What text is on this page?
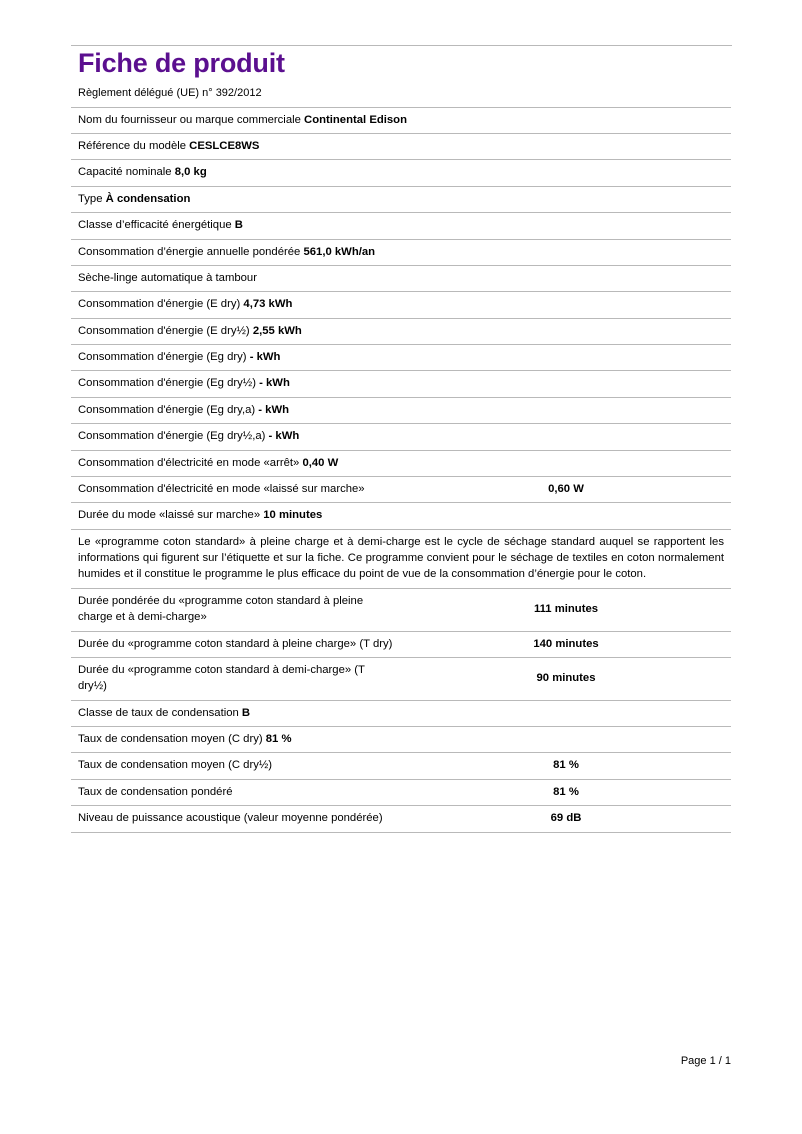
Fiche de produit
Règlement délégué (UE) n° 392/2012
Nom du fournisseur ou marque commerciale Continental Edison	
Référence du modèle CESLCE8WS	
Capacité nominale 8,0 kg	
Type À condensation	
Classe d’efficacité énergétique B	
Consommation d’énergie annuelle pondérée 561,0 kWh/an	
Sèche-linge automatique à tambour	
Consommation d'énergie (E dry) 4,73 kWh	
Consommation d'énergie (E dry½) 2,55 kWh	
Consommation d'énergie (Eg dry) - kWh	
Consommation d'énergie (Eg dry½) - kWh	
Consommation d'énergie (Eg dry,a) - kWh	
Consommation d'énergie (Eg dry½,a) - kWh	
Consommation d'électricité en mode «arrêt» 0,40 W	
Consommation d'électricité en mode «laissé sur marche»	0,60 W
Durée du mode «laissé sur marche» 10 minutes	
Le «programme coton standard» à pleine charge et à demi-charge est le cycle de séchage standard auquel se rapportent les informations qui figurent sur l’étiquette et sur la fiche. Ce programme convient pour le séchage de textiles en coton normalement humides et il constitue le programme le plus efficace du point de vue de la consommation d’énergie pour le coton.	
Durée pondérée du «programme coton standard à pleine charge et à demi-charge»	111 minutes
Durée du «programme coton standard à pleine charge» (T dry)	140 minutes
Durée du «programme coton standard à demi-charge» (T dry½)	90 minutes
Classe de taux de condensation B	
Taux de condensation moyen (C dry) 81 %	
Taux de condensation moyen (C dry½)	81 %
Taux de condensation pondéré	81 %
Niveau de puissance acoustique (valeur moyenne pondérée)	69 dB
Page 1 / 1
